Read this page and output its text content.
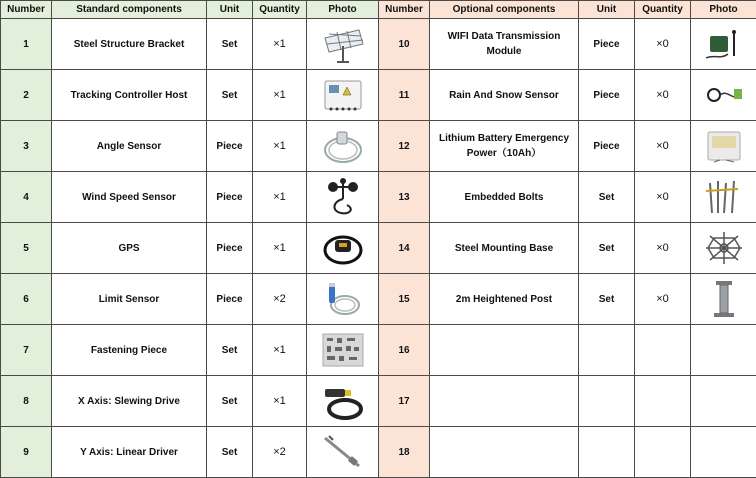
Number	Standard components	Unit	Quantity	Photo	Number	Optional components	Unit	Quantity	Photo
1	Steel Structure Bracket	Set	×1		10	WIFI Data Transmission Module	Piece	×0	

2	Tracking Controller Host	Set	×1		11	Rain And Snow Sensor	Piece	×0	

3	Angle Sensor	Piece	×1		12	Lithium Battery Emergency Power（10Ah）	Piece	×0	

4	Wind Speed Sensor	Piece	×1		13	Embedded Bolts	Set	×0	

5	GPS	Piece	×1		14	Steel Mounting Base	Set	×0	

6	Limit Sensor	Piece	×2		15	2m Heightened Post	Set	×0	

7	Fastening Piece	Set	×1		16				
8	X Axis: Slewing Drive	Set	×1		17				
9	Y Axis: Linear Driver	Set	×2		18				
